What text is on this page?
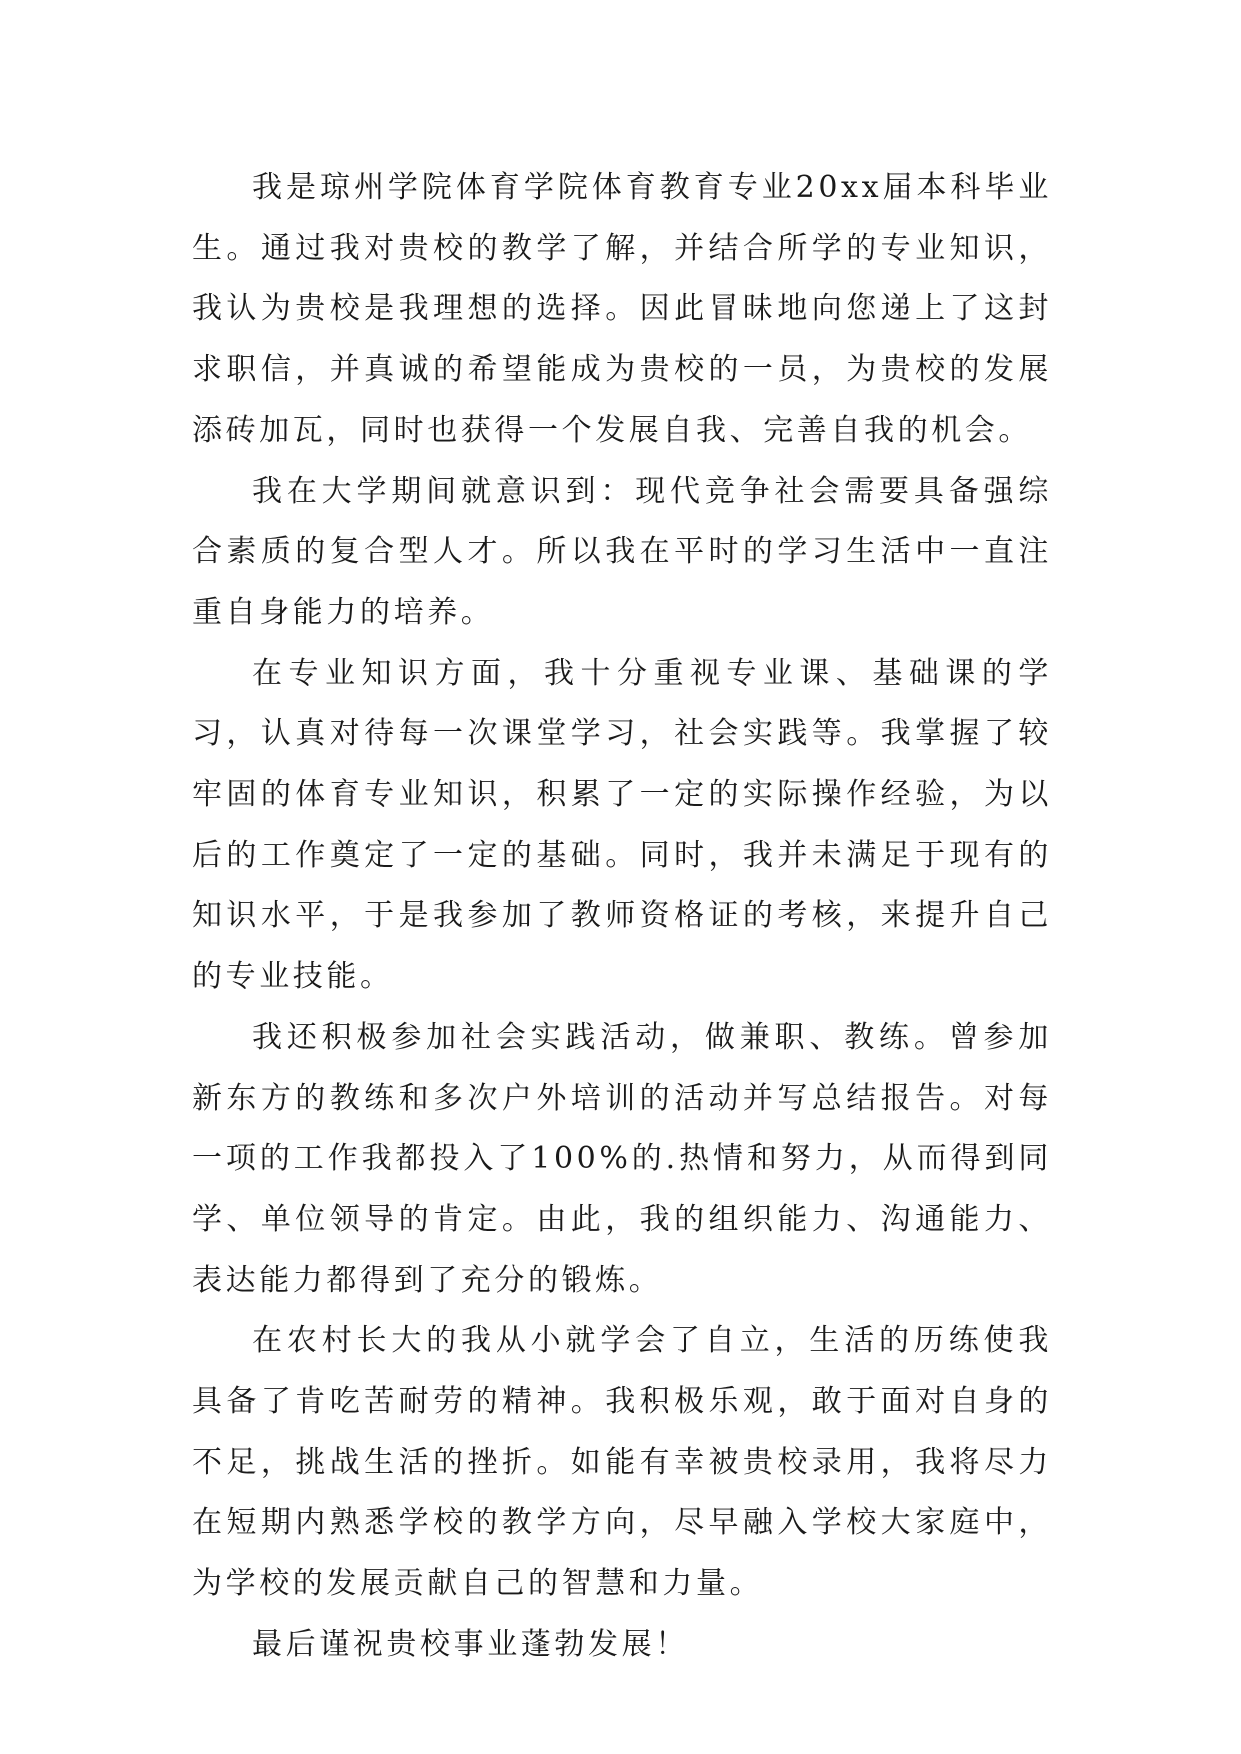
我是琼州学院体育学院体育教育专业20xx届本科毕业生。通过我对贵校的教学了解，并结合所学的专业知识，我认为贵校是我理想的选择。因此冒昧地向您递上了这封求职信，并真诚的希望能成为贵校的一员，为贵校的发展添砖加瓦，同时也获得一个发展自我、完善自我的机会。

我在大学期间就意识到：现代竞争社会需要具备强综合素质的复合型人才。所以我在平时的学习生活中一直注重自身能力的培养。

在专业知识方面，我十分重视专业课、基础课的学习，认真对待每一次课堂学习，社会实践等。我掌握了较牢固的体育专业知识，积累了一定的实际操作经验，为以后的工作奠定了一定的基础。同时，我并未满足于现有的知识水平，于是我参加了教师资格证的考核，来提升自己的专业技能。

我还积极参加社会实践活动，做兼职、教练。曾参加新东方的教练和多次户外培训的活动并写总结报告。对每一项的工作我都投入了100%的.热情和努力，从而得到同学、单位领导的肯定。由此，我的组织能力、沟通能力、表达能力都得到了充分的锻炼。

在农村长大的我从小就学会了自立，生活的历练使我具备了肯吃苦耐劳的精神。我积极乐观，敢于面对自身的不足，挑战生活的挫折。如能有幸被贵校录用，我将尽力在短期内熟悉学校的教学方向，尽早融入学校大家庭中，为学校的发展贡献自己的智慧和力量。

最后谨祝贵校事业蓬勃发展！
